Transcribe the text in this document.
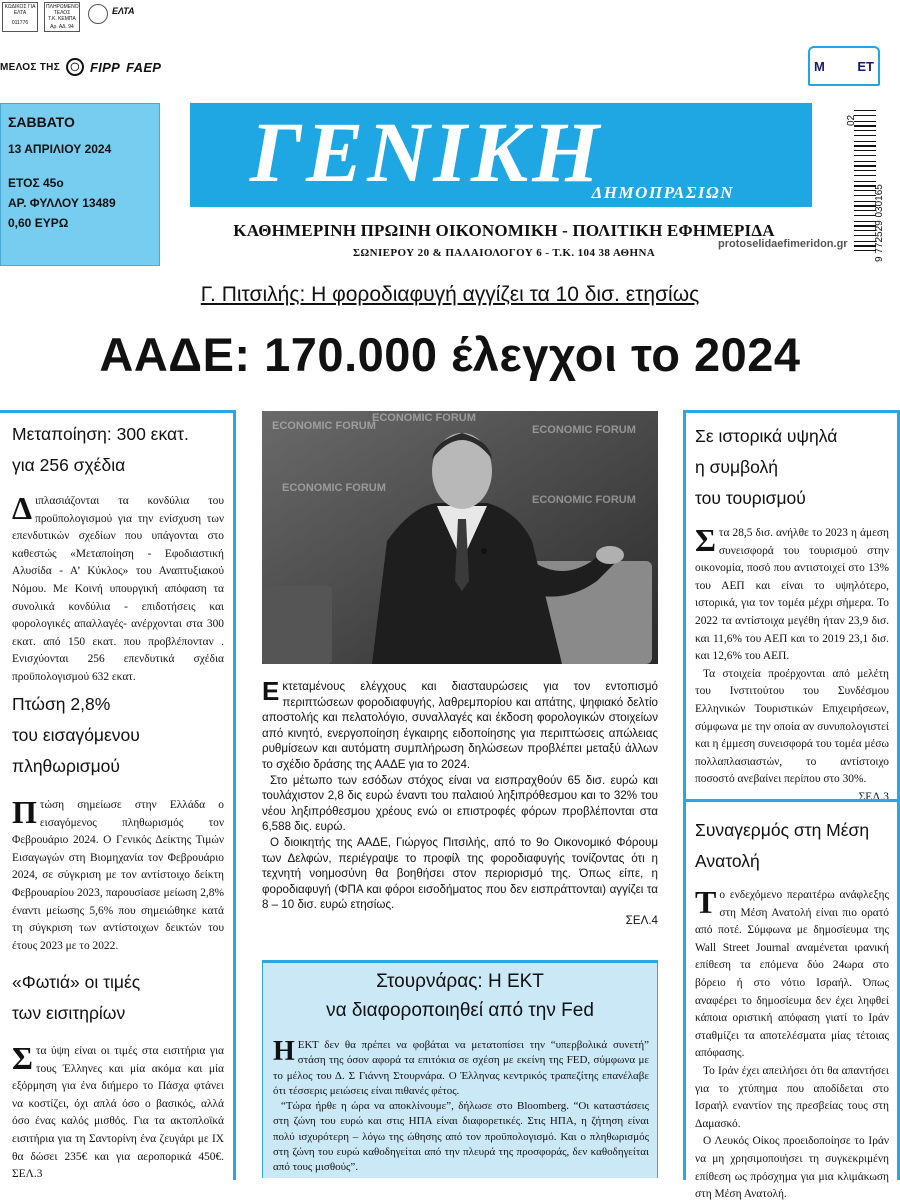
ΚΩΔΙΚΟΣ ΓΙΑ ΕΛΤΑ
011776
ΠΛΗΡΩΜΕΝΟ ΤΕΛΟΣ
Τ.Κ. ΚΕΜΠΑ
Αρ. ΑΔ. 94
ΕΛΤΑ
ΜΕΛΟΣ ΤΗΣ	◯ FIPP FAEP
ΣΑΒΒΑΤΟ
13 ΑΠΡΙΛΙΟΥ 2024
ΕΤΟΣ 45ο
ΑΡ. ΦΥΛΛΟΥ 13489
0,60 ΕΥΡΩ
ΓΕΝΙΚΗ
ΔΗΜΟΠΡΑΣΙΩΝ
ΚΑΘΗΜΕΡΙΝΗ ΠΡΩΙΝΗ ΟΙΚΟΝΟΜΙΚΗ - ΠΟΛΙΤΙΚΗ ΕΦΗΜΕΡΙΔΑ
ΣΩΝΙΕΡΟΥ 20 & ΠΑΛΑΙΟΛΟΓΟΥ 6 - Τ.Κ. 104 38 ΑΘΗΝΑ
protoselidaefimeridon.gr
Μ	ΕΤ
02
9 772529 030165
Γ. Πιτσιλής: Η φοροδιαφυγή αγγίζει τα 10 δισ. ετησίως
ΑΑΔΕ: 170.000 έλεγχοι το 2024
Μεταποίηση: 300 εκατ.
για 256 σχέδια
Διπλασιάζονται τα κονδύλια του προϋπολογισμού για την ενίσχυση των επενδυτικών σχεδίων που υπάγονται στο καθεστώς «Μεταποίηση - Εφοδιαστική Αλυσίδα - Α’ Κύκλος» του Αναπτυξιακού Νόμου. Με Κοινή υπουργική απόφαση τα συνολικά κονδύλια - επιδοτήσεις και φορολογικές απαλλαγές- ανέρχονται στα 300 εκατ. από 150 εκατ. που προβλέπονταν . Ενισχύονται 256 επενδυτικά σχέδια προϋπολογισμού 632 εκατ.
Πτώση 2,8%
του εισαγόμενου
πληθωρισμού
Πτώση σημείωσε στην Ελλάδα ο εισαγόμενος πληθωρισμός τον Φεβρουάριο 2024. Ο Γενικός Δείκτης Τιμών Εισαγωγών στη Βιομηχανία τον Φεβρουάριο 2024, σε σύγκριση με τον αντίστοιχο δείκτη Φεβρουαρίου 2023, παρουσίασε μείωση 2,8% έναντι μείωσης 5,6% που σημειώθηκε κατά τη σύγκριση των αντίστοιχων δεικτών του έτους 2023 με το 2022.
«Φωτιά» οι τιμές
των εισιτηρίων
Στα ύψη είναι οι τιμές στα εισιτήρια για τους Έλληνες και μία ακόμα και μία εξόρμηση για ένα διήμερο το Πάσχα φτάνει να κοστίζει, όχι απλά όσο ο βασικός, αλλά όσο ένας καλός μισθός. Για τα ακτοπλοϊκά εισιτήρια για τη Σαντορίνη ένα ζευγάρι με ΙΧ θα δώσει 235€ και για αεροπορικά 450€. ΣΕΛ.3
ECONOMIC FORUM
ECONOMIC FORUM
ECONOMIC FORUM
ECONOMIC FORUM
ECONOMIC FORUM

Εκτεταμένους ελέγχους και διασταυρώσεις για τον εντοπισμό περιπτώσεων φοροδιαφυγής, λαθρεμπορίου και απάτης, ψηφιακό δελτίο αποστολής και πελατολόγιο, συναλλαγές και έκδοση φορολογικών στοιχείων από κινητό, ενεργοποίηση έγκαιρης ειδοποίησης για περιπτώσεις απώλειας ρυθμίσεων και αυτόματη συμπλήρωση δηλώσεων προβλέπει μεταξύ άλλων το σχέδιο δράσης της ΑΑΔΕ για το 2024.

Στο μέτωπο των εσόδων στόχος είναι να εισπραχθούν 65 δισ. ευρώ και τουλάχιστον 2,8 δις ευρώ έναντι του παλαιού ληξιπρόθεσμου και το 32% του νέου ληξιπρόθεσμου χρέους ενώ οι επιστροφές φόρων προβλέπονται στα 6,588 δις. ευρώ.

Ο διοικητής της ΑΑΔΕ, Γιώργος Πιτσιλής, από το 9ο Οικονομικό Φόρουμ των Δελφών, περιέγραψε το προφίλ της φοροδιαφυγής τονίζοντας ότι η τεχνητή νοημοσύνη θα βοηθήσει στον περιορισμό της. Όπως είπε, η φοροδιαφυγή (ΦΠΑ και φόροι εισοδήματος που δεν εισπράττονται) αγγίζει τα 8 – 10 δισ. ευρώ ετησίως.

ΣΕΛ.4
Στουρνάρας: Η ΕΚΤ
να διαφοροποιηθεί από την Fed

Η ΕΚΤ δεν θα πρέπει να φοβάται να μετατοπίσει την “υπερβολικά συνετή” στάση της όσον αφορά τα επιτόκια σε σχέση με εκείνη της FED, σύμφωνα με το μέλος του Δ. Σ Γιάννη Στουρνάρα. Ο Έλληνας κεντρικός τραπεζίτης επανέλαβε ότι τέσσερις μειώσεις είναι πιθανές φέτος.

“Τώρα ήρθε η ώρα να αποκλίνουμε”, δήλωσε στο Bloomberg. “Οι καταστάσεις στη ζώνη του ευρώ και στις ΗΠΑ είναι διαφορετικές. Στις ΗΠΑ, η ζήτηση είναι πολύ ισχυρότερη – λόγω της ώθησης από τον προϋπολογισμό. Και ο πληθωρισμός στη ζώνη του ευρώ καθοδηγείται από την πλευρά της προσφοράς, δεν καθοδηγείται από τους μισθούς”.

Σε ιστορικά υψηλά
η συμβολή
του τουρισμού

Στα 28,5 δισ. ανήλθε το 2023 η άμεση συνεισφορά του τουρισμού στην οικονομία, ποσό που αντιστοιχεί στο 13% του ΑΕΠ και είναι το υψηλότερο, ιστορικά, για τον τομέα μέχρι σήμερα. Το 2022 τα αντίστοιχα μεγέθη ήταν 23,9 δισ. και 11,6% του ΑΕΠ και το 2019 23,1 δισ. και 12,6% του ΑΕΠ.

Τα στοιχεία προέρχονται από μελέτη του Ινστιτούτου του Συνδέσμου Ελληνικών Τουριστικών Επιχειρήσεων, σύμφωνα με την οποία αν συνυπολογιστεί και η έμμεση συνεισφορά του τομέα μέσω πολλαπλασιαστών, το αντίστοιχο ποσοστό ανεβαίνει περίπου στο 30%.

ΣΕΛ.3
Συναγερμός στη Μέση
Ανατολή

Το ενδεχόμενο περαιτέρω ανάφλεξης στη Μέση Ανατολή είναι πιο ορατό από ποτέ. Σύμφωνα με δημοσίευμα της Wall Street Journal αναμένεται ιρανική επίθεση τα επόμενα δύο 24ωρα στο βόρειο ή στο νότιο Ισραήλ. Όπως αναφέρει το δημοσίευμα δεν έχει ληφθεί κάποια οριστική απόφαση γιατί το Ιράν σταθμίζει τα αποτελέσματα μίας τέτοιας απόφασης.

Το Ιράν έχει απειλήσει ότι θα απαντήσει για το χτύπημα που αποδίδεται στο Ισραήλ εναντίον της πρεσβείας τους στη Δαμασκό.

Ο Λευκός Οίκος προειδοποίησε το Ιράν να μη χρησιμοποιήσει τη συγκεκριμένη επίθεση ως πρόσχημα για μια κλιμάκωση στη Μέση Ανατολή.
